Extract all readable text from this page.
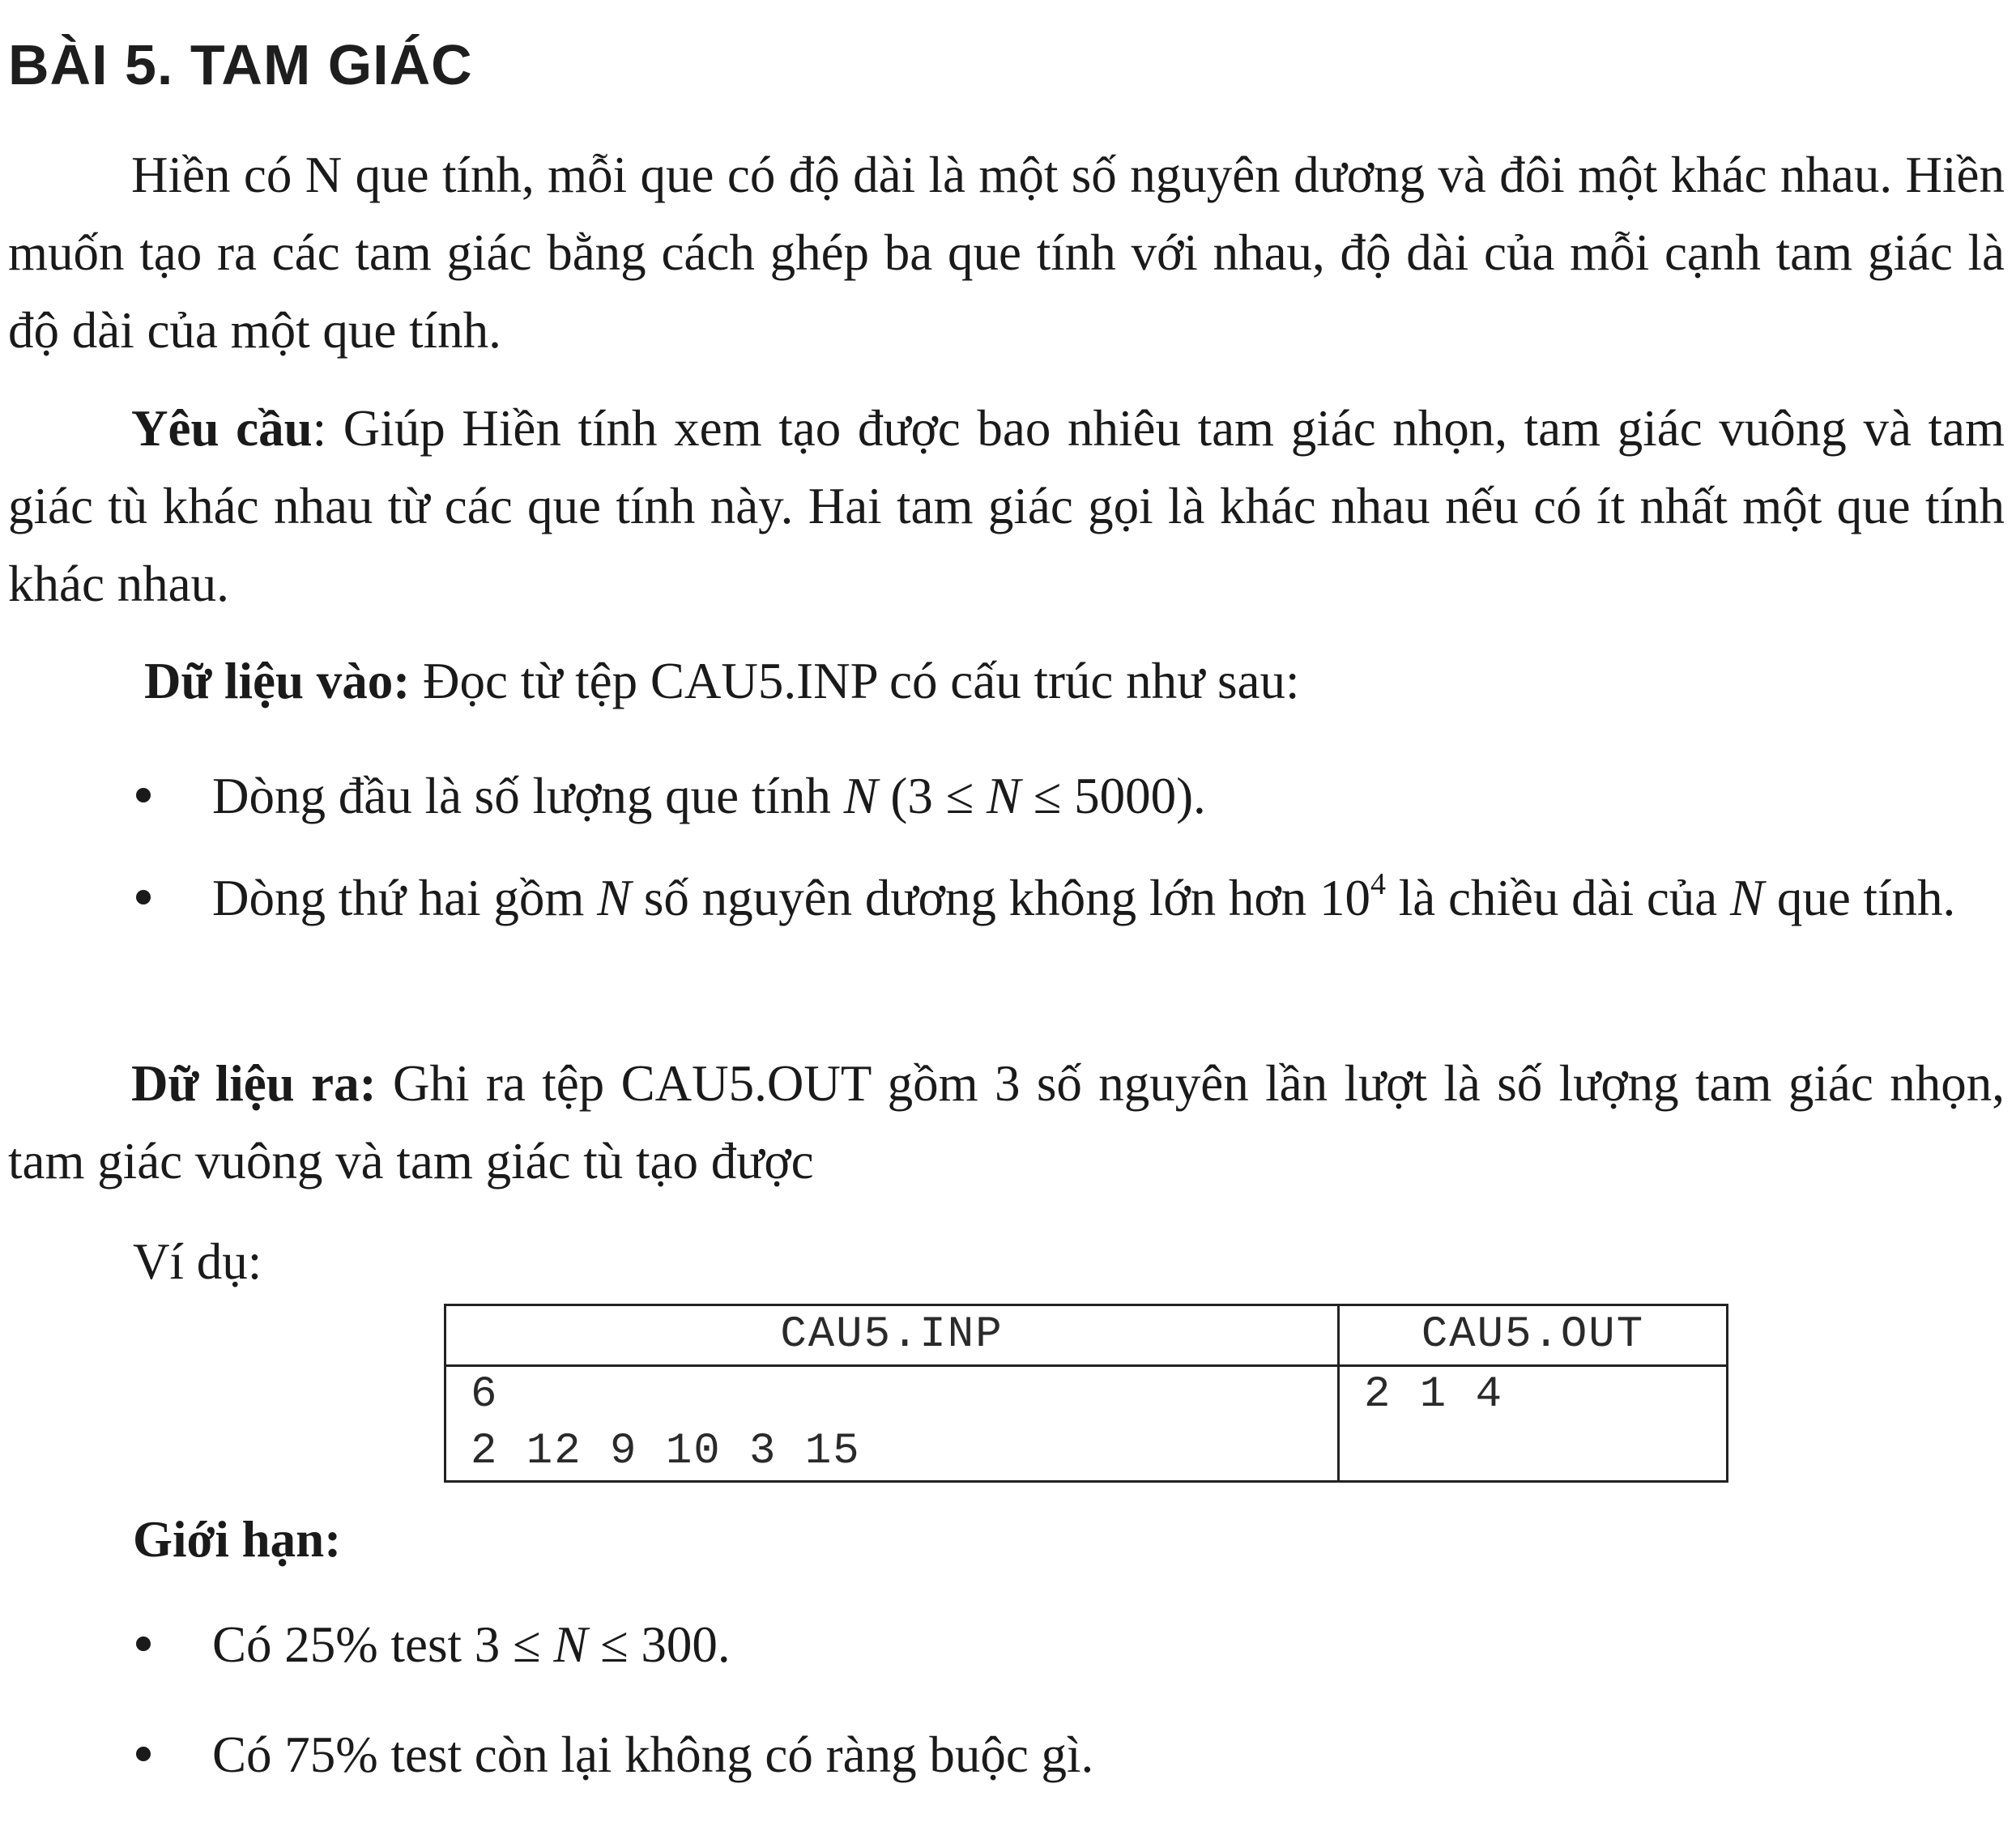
BÀI 5. TAM GIÁC

Hiền có N que tính, mỗi que có độ dài là một số nguyên dương và đôi một khác nhau. Hiền muốn tạo ra các tam giác bằng cách ghép ba que tính với nhau, độ dài của mỗi cạnh tam giác là độ dài của một que tính.

Yêu cầu: Giúp Hiền tính xem tạo được bao nhiêu tam giác nhọn, tam giác vuông và tam giác tù khác nhau từ các que tính này. Hai tam giác gọi là khác nhau nếu có ít nhất một que tính khác nhau.

Dữ liệu vào: Đọc từ tệp CAU5.INP có cấu trúc như sau:

Dòng đầu là số lượng que tính N (3 ≤ N ≤ 5000).
Dòng thứ hai gồm N số nguyên dương không lớn hơn $10^4$ là chiều dài của N que tính.

Dữ liệu ra: Ghi ra tệp CAU5.OUT gồm 3 số nguyên lần lượt là số lượng tam giác nhọn, tam giác vuông và tam giác tù tạo được

Ví dụ:

CAU5.INP	CAU5.OUT

6
2 12 9 10 3 15	2 1 4

Giới hạn:

Có 25% test 3 ≤ N ≤ 300.
Có 75% test còn lại không có ràng buộc gì.
